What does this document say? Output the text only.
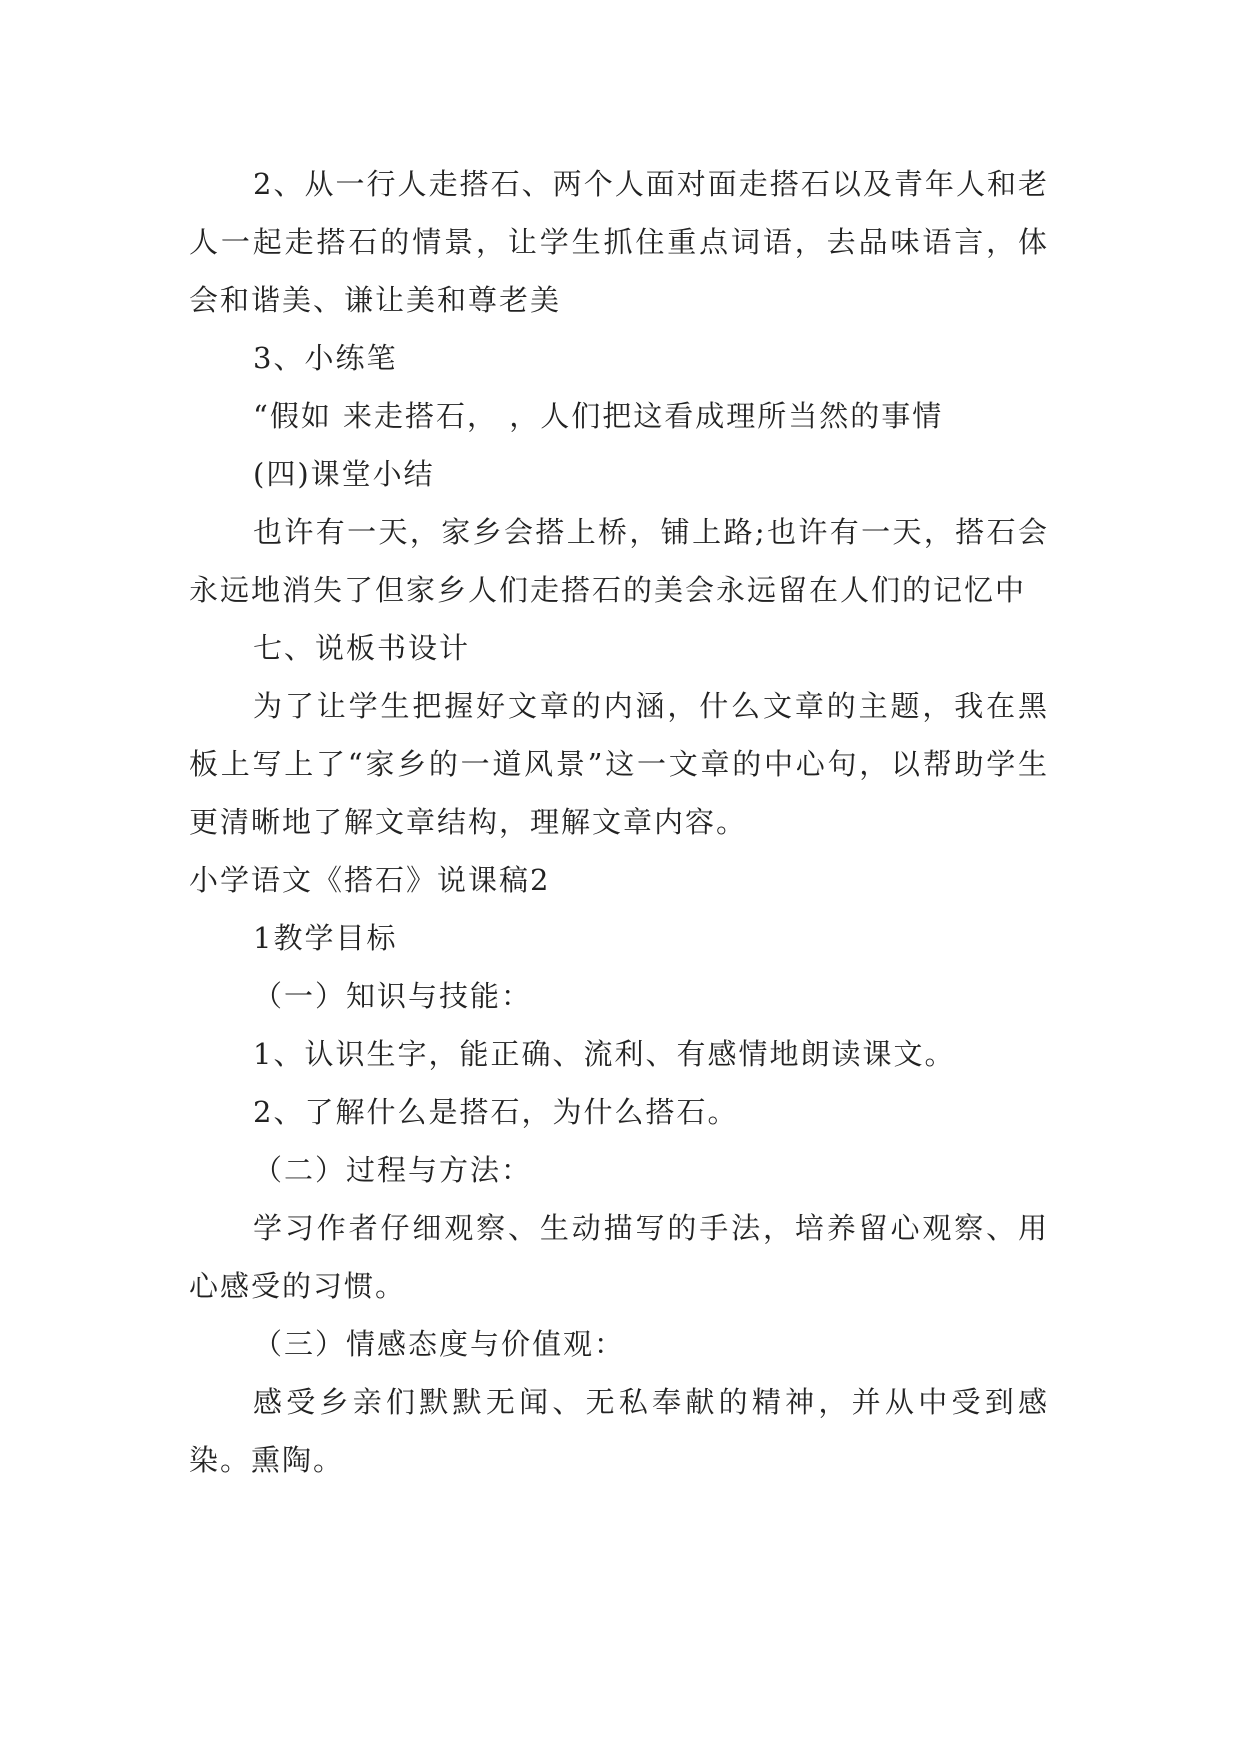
2、从一行人走搭石、两个人面对面走搭石以及青年人和老人一起走搭石的情景，让学生抓住重点词语，去品味语言，体会和谐美、谦让美和尊老美

3、小练笔

“假如 来走搭石， ，人们把这看成理所当然的事情

(四)课堂小结

也许有一天，家乡会搭上桥，铺上路;也许有一天，搭石会永远地消失了但家乡人们走搭石的美会永远留在人们的记忆中

七、说板书设计

为了让学生把握好文章的内涵，什么文章的主题，我在黑板上写上了“家乡的一道风景”这一文章的中心句，以帮助学生更清晰地了解文章结构，理解文章内容。

小学语文《搭石》说课稿2

1教学目标

（一）知识与技能：

1、认识生字，能正确、流利、有感情地朗读课文。

2、了解什么是搭石，为什么搭石。

（二）过程与方法：

学习作者仔细观察、生动描写的手法，培养留心观察、用心感受的习惯。

（三）情感态度与价值观：

感受乡亲们默默无闻、无私奉献的精神，并从中受到感染。熏陶。
